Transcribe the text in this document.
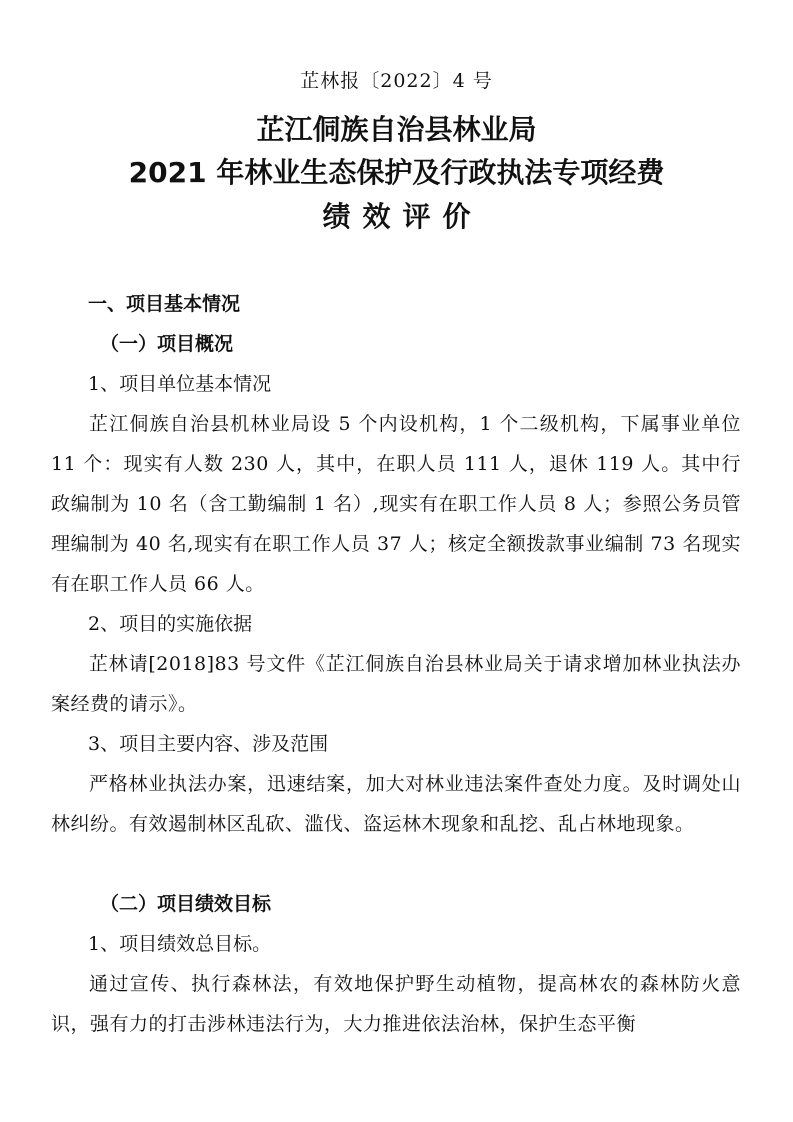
芷林报〔2022〕4 号
芷江侗族自治县林业局
2021 年林业生态保护及行政执法专项经费
绩效评价
一、项目基本情况
（一）项目概况
1、项目单位基本情况
芷江侗族自治县机林业局设 5 个内设机构，1 个二级机构，下属事业单位 11 个：现实有人数 230 人，其中，在职人员 111 人，退休 119 人。其中行政编制为 10 名（含工勤编制 1 名）,现实有在职工作人员 8 人；参照公务员管理编制为 40 名,现实有在职工作人员 37 人；核定全额拨款事业编制 73 名现实有在职工作人员 66 人。
2、项目的实施依据
芷林请[2018]83 号文件《芷江侗族自治县林业局关于请求增加林业执法办案经费的请示》。
3、项目主要内容、涉及范围
严格林业执法办案，迅速结案，加大对林业违法案件查处力度。及时调处山林纠纷。有效遏制林区乱砍、滥伐、盗运林木现象和乱挖、乱占林地现象。
（二）项目绩效目标
1、项目绩效总目标。
通过宣传、执行森林法，有效地保护野生动植物，提高林农的森林防火意识，强有力的打击涉林违法行为，大力推进依法治林，保护生态平衡
